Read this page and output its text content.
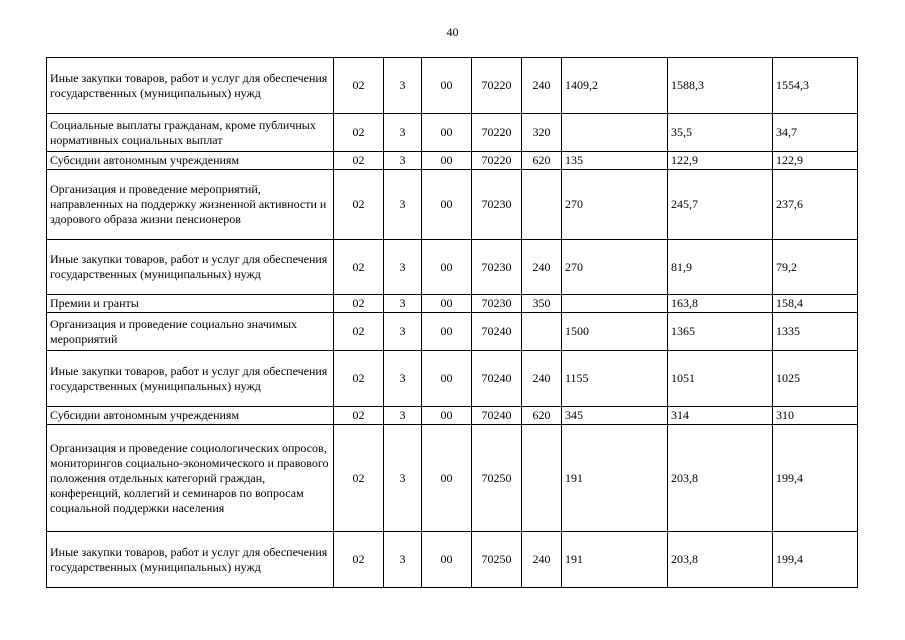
40
Иные закупки товаров, работ и услуг для обеспечения государственных (муниципальных) нужд	02	3	00	70220	240	1409,2	1588,3	1554,3
Социальные выплаты гражданам, кроме публичных нормативных социальных выплат	02	3	00	70220	320		35,5	34,7
Субсидии автономным учреждениям	02	3	00	70220	620	135	122,9	122,9
Организация и проведение мероприятий, направленных на поддержку жизненной активности и здорового образа жизни пенсионеров	02	3	00	70230		270	245,7	237,6
Иные закупки товаров, работ и услуг для обеспечения государственных (муниципальных) нужд	02	3	00	70230	240	270	81,9	79,2
Премии и гранты	02	3	00	70230	350		163,8	158,4
Организация и проведение социально значимых мероприятий	02	3	00	70240		1500	1365	1335
Иные закупки товаров, работ и услуг для обеспечения государственных (муниципальных) нужд	02	3	00	70240	240	1155	1051	1025
Субсидии автономным учреждениям	02	3	00	70240	620	345	314	310
Организация и проведение социологических опросов, мониторингов социально-экономического и правового положения отдельных категорий граждан, конференций, коллегий и семинаров по вопросам социальной поддержки населения	02	3	00	70250		191	203,8	199,4
Иные закупки товаров, работ и услуг для обеспечения государственных (муниципальных) нужд	02	3	00	70250	240	191	203,8	199,4
